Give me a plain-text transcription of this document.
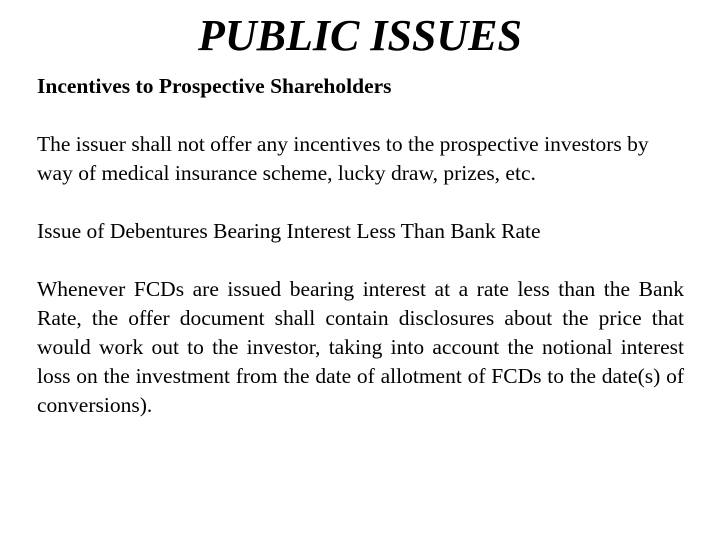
PUBLIC ISSUES

Incentives to Prospective Shareholders

The issuer shall not offer any incentives to the prospective investors by way of medical insurance scheme, lucky draw, prizes, etc.

Issue of Debentures Bearing Interest Less Than Bank Rate

Whenever FCDs are issued bearing interest at a rate less than the Bank Rate, the offer document shall contain disclosures about the price that would work out to the investor, taking into account the notional interest loss on the investment from the date of allotment of FCDs to the date(s) of conversions).
